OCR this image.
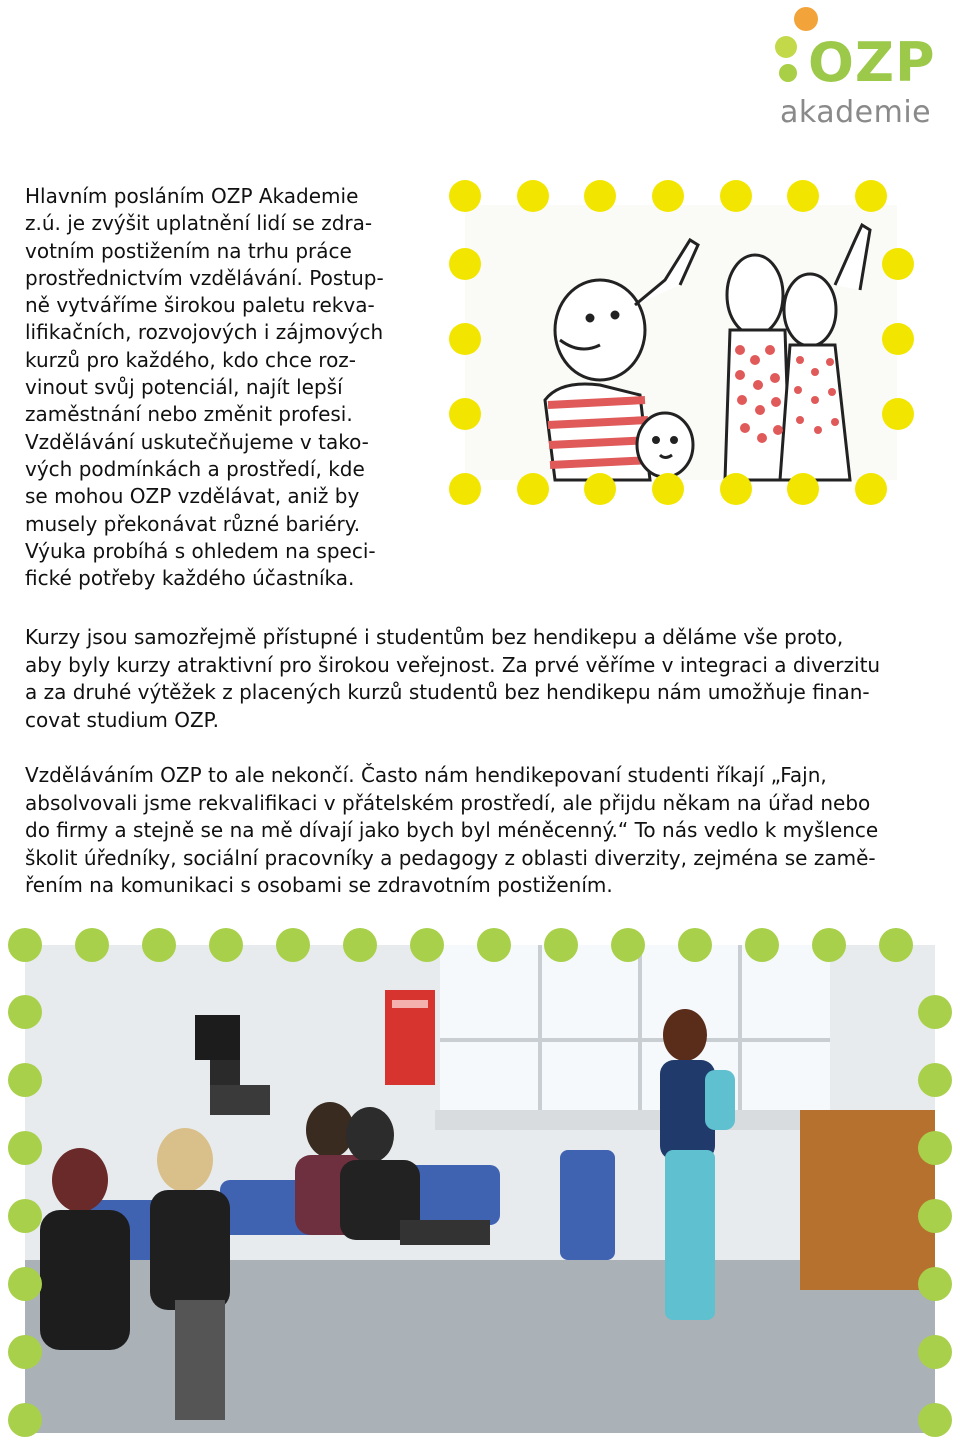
OZP
akademie

Hlavním posláním OZP Akademie
z.ú. je zvýšit uplatnění lidí se zdra-
votním postižením na trhu práce
prostřednictvím vzdělávání. Postup-
ně vytváříme širokou paletu rekva-
lifikačních, rozvojových i zájmových
kurzů pro každého, kdo chce roz-
vinout svůj potenciál, najít lepší
zaměstnání nebo změnit profesi.
Vzdělávání uskutečňujeme v tako-
vých podmínkách a prostředí, kde
se mohou OZP vzdělávat, aniž by
musely překonávat různé bariéry.
Výuka probíhá s ohledem na speci-
fické potřeby každého účastníka.

Kurzy jsou samozřejmě přístupné i studentům bez hendikepu a děláme vše proto,
aby byly kurzy atraktivní pro širokou veřejnost. Za prvé věříme v integraci a diverzitu
a za druhé výtěžek z placených kurzů studentů bez hendikepu nám umožňuje finan-
covat studium OZP.

Vzděláváním OZP to ale nekončí. Často nám hendikepovaní studenti říkají „Fajn,
absolvovali jsme rekvalifikaci v přátelském prostředí, ale přijdu někam na úřad nebo
do firmy a stejně se na mě dívají jako bych byl méněcenný.“ To nás vedlo k myšlence
školit úředníky, sociální pracovníky a pedagogy z oblasti diverzity, zejména se zamě-
řením na komunikaci s osobami se zdravotním postižením.
